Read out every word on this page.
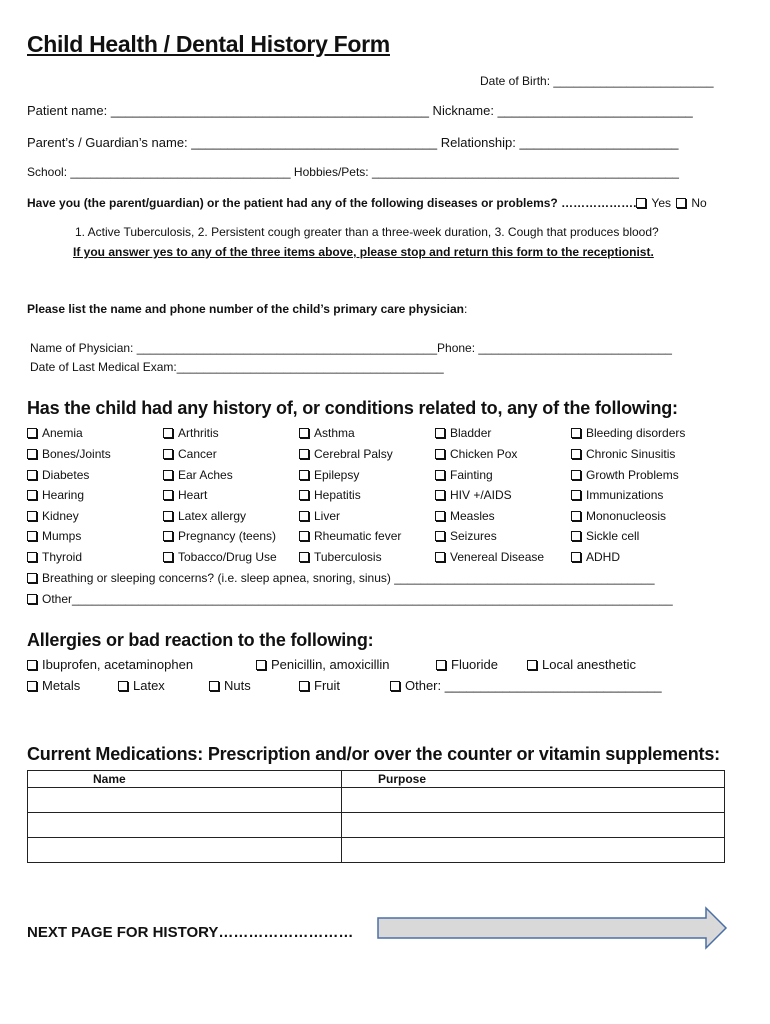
Child Health / Dental History Form
Date of Birth: ________________________
Patient name: ____________________________________________ Nickname: ___________________________
Parent’s / Guardian’s name: __________________________________ Relationship: ______________________
School: _________________________________ Hobbies/Pets: ______________________________________________
Have you (the parent/guardian) or the patient had any of the following diseases or problems? ………………. Yes No
1. Active Tuberculosis, 2. Persistent cough greater than a three-week duration, 3. Cough that produces blood?
If you answer yes to any of the three items above, please stop and return this form to the receptionist.
Please list the name and phone number of the child’s primary care physician:
Name of Physician: _____________________________________________Phone: _____________________________
Date of Last Medical Exam:________________________________________
Has the child had any history of, or conditions related to, any of the following:
Anemia	Arthritis	Asthma	Bladder	Bleeding disorders
Bones/Joints	Cancer	Cerebral Palsy	Chicken Pox	Chronic Sinusitis
Diabetes	Ear Aches	Epilepsy	Fainting	Growth Problems
Hearing	Heart	Hepatitis	HIV +/AIDS	Immunizations
Kidney	Latex allergy	Liver	Measles	Mononucleosis
Mumps	Pregnancy (teens)	Rheumatic fever	Seizures	Sickle cell
Thyroid	Tobacco/Drug Use	Tuberculosis	Venereal Disease	ADHD
Breathing or sleeping concerns? (i.e. sleep apnea, snoring, sinus) _______________________________________
Other__________________________________________________________________________________________
Allergies or bad reaction to the following:
Ibuprofen, acetaminophen	Penicillin, amoxicillin	Fluoride	Local anesthetic
Metals	Latex	Nuts	Fruit	Other: ______________________________
Current Medications: Prescription and/or over the counter or vitamin supplements:
Name	Purpose

NEXT PAGE FOR HISTORY………………………
